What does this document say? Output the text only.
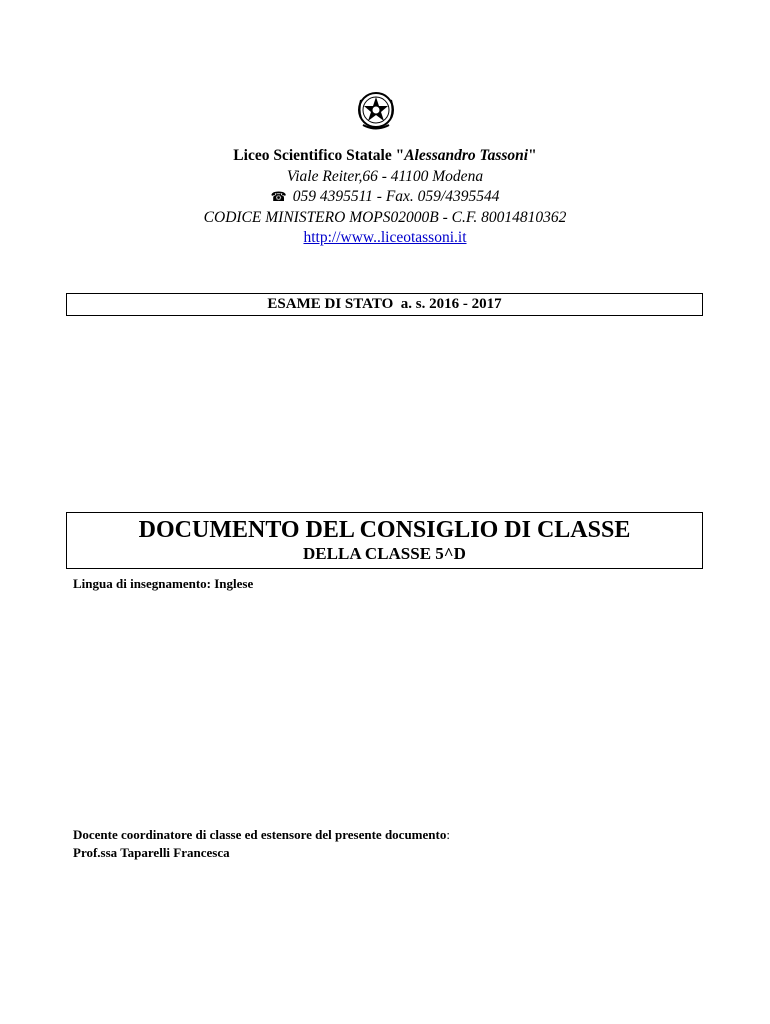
Liceo Scientifico Statale "Alessandro Tassoni"
Viale Reiter,66 - 41100 Modena
☎ 059 4395511 - Fax. 059/4395544
CODICE MINISTERO MOPS02000B - C.F. 80014810362
http://www..liceotassoni.it
ESAME DI STATO  a. s. 2016 - 2017
DOCUMENTO DEL CONSIGLIO DI CLASSE
DELLA CLASSE 5^D
Lingua di insegnamento: Inglese
Docente coordinatore di classe ed estensore del presente documento:
Prof.ssa Taparelli Francesca
